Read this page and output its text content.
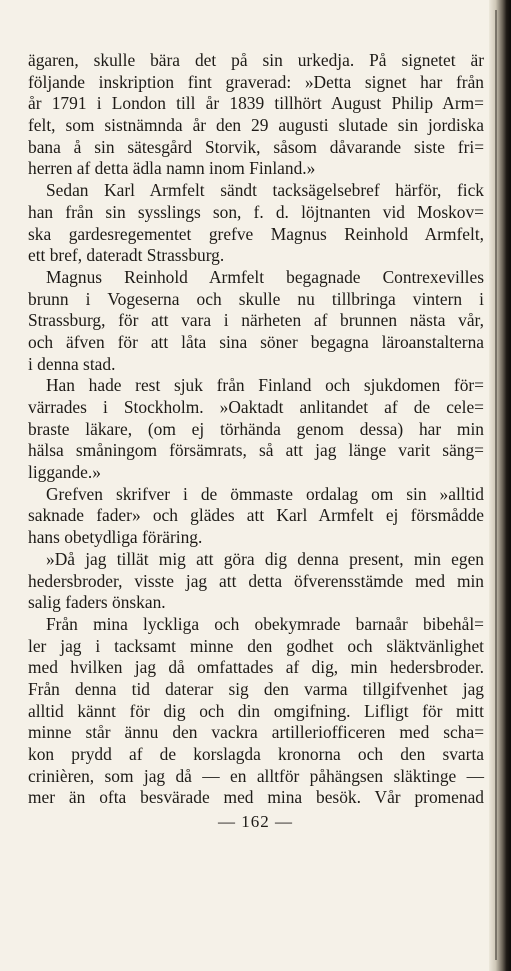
ägaren, skulle bära det på sin urkedja. På signetet är
följande inskription fint graverad: »Detta signet har från
år 1791 i London till år 1839 tillhört August Philip Arm=
felt, som sistnämnda år den 29 augusti slutade sin jordiska
bana å sin sätesgård Storvik, såsom dåvarande siste fri=
herren af detta ädla namn inom Finland.»
Sedan Karl Armfelt sändt tacksägelsebref härför, fick
han från sin sysslings son, f. d. löjtnanten vid Moskov=
ska gardesregementet grefve Magnus Reinhold Armfelt,
ett bref, dateradt Strassburg.
Magnus Reinhold Armfelt begagnade Contrexevilles
brunn i Vogeserna och skulle nu tillbringa vintern i
Strassburg, för att vara i närheten af brunnen nästa vår,
och äfven för att låta sina söner begagna läroanstalterna
i denna stad.
Han hade rest sjuk från Finland och sjukdomen för=
värrades i Stockholm. »Oaktadt anlitandet af de cele=
braste läkare, (om ej törhända genom dessa) har min
hälsa småningom försämrats, så att jag länge varit säng=
liggande.»
Grefven skrifver i de ömmaste ordalag om sin »alltid
saknade fader» och glädes att Karl Armfelt ej försmådde
hans obetydliga föräring.
»Då jag tillät mig att göra dig denna present, min egen
hedersbroder, visste jag att detta öfverensstämde med min
salig faders önskan.
Från mina lyckliga och obekymrade barnaår bibehål=
ler jag i tacksamt minne den godhet och släktvänlighet
med hvilken jag då omfattades af dig, min hedersbroder.
Från denna tid daterar sig den varma tillgifvenhet jag
alltid kännt för dig och din omgifning. Lifligt för mitt
minne står ännu den vackra artilleriofficeren med scha=
kon prydd af de korslagda kronorna och den svarta
crinièren, som jag då — en alltför påhängsen släktinge —
mer än ofta besvärade med mina besök. Vår promenad
— 162 —
